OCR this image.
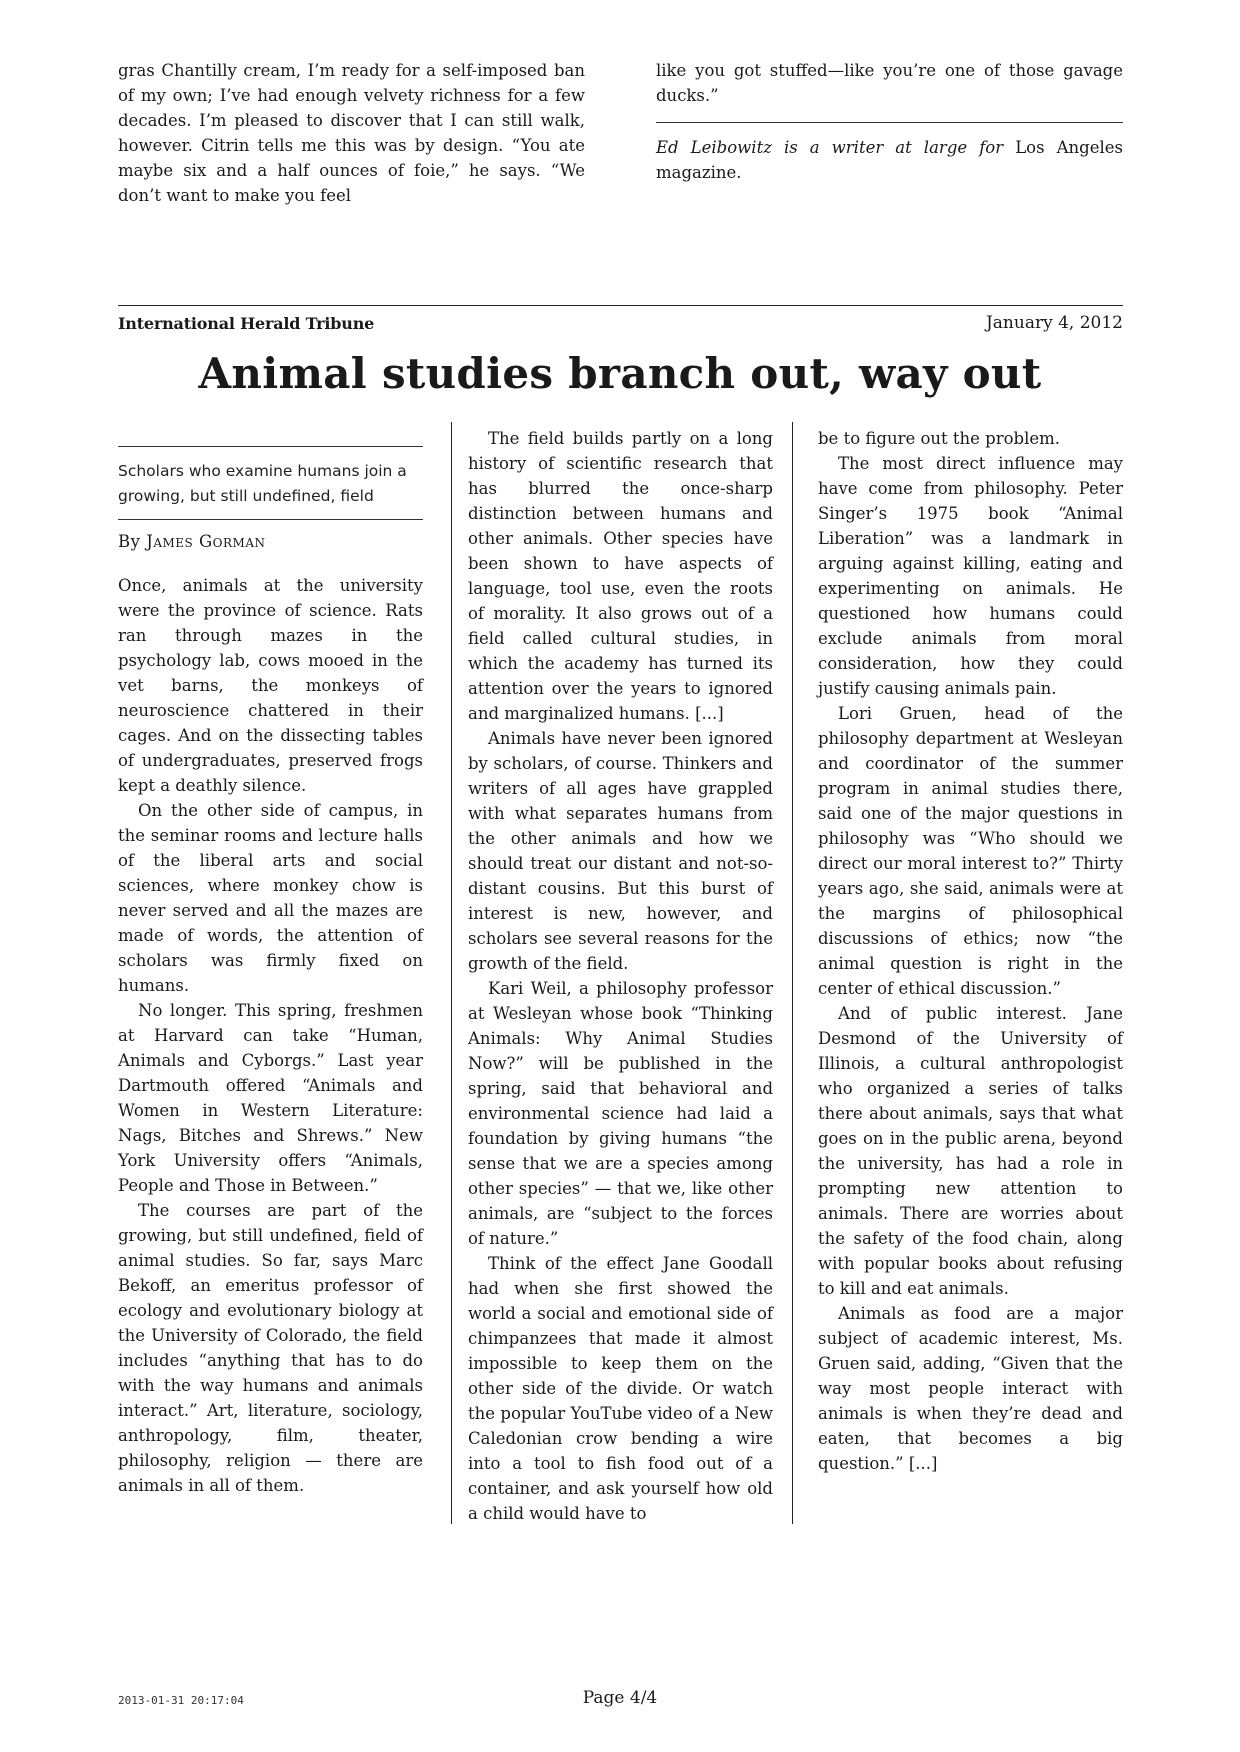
gras Chantilly cream, I’m ready for a self-imposed ban of my own; I’ve had enough velvety richness for a few decades. I’m pleased to discover that I can still walk, however. Citrin tells me this was by design. “You ate maybe six and a half ounces of foie,” he says. “We don’t want to make you feel

like you got stuffed—like you’re one of those gavage ducks.”

Ed Leibowitz is a writer at large for Los Angeles magazine.

International Herald Tribune	January 4, 2012
Animal studies branch out, way out

Scholars who examine humans join a growing, but still undefined, field

By James Gorman

Once, animals at the university were the province of science. Rats ran through mazes in the psychology lab, cows mooed in the vet barns, the monkeys of neuroscience chattered in their cages. And on the dissecting tables of undergraduates, preserved frogs kept a deathly silence.

On the other side of campus, in the seminar rooms and lecture halls of the liberal arts and social sciences, where monkey chow is never served and all the mazes are made of words, the attention of scholars was firmly fixed on humans.

No longer. This spring, freshmen at Harvard can take “Human, Animals and Cyborgs.” Last year Dartmouth offered “Animals and Women in Western Literature: Nags, Bitches and Shrews.” New York University offers “Animals, People and Those in Between.”

The courses are part of the growing, but still undefined, field of animal studies. So far, says Marc Bekoff, an emeritus professor of ecology and evolutionary biology at the University of Colorado, the field includes “anything that has to do with the way humans and animals interact.” Art, literature, sociology, anthropology, film, theater, philosophy, religion — there are animals in all of them.

The field builds partly on a long history of scientific research that has blurred the once-sharp distinction between humans and other animals. Other species have been shown to have aspects of language, tool use, even the roots of morality. It also grows out of a field called cultural studies, in which the academy has turned its attention over the years to ignored and marginalized humans. [...]

Animals have never been ignored by scholars, of course. Thinkers and writers of all ages have grappled with what separates humans from the other animals and how we should treat our distant and not-so-distant cousins. But this burst of interest is new, however, and scholars see several reasons for the growth of the field.

Kari Weil, a philosophy professor at Wesleyan whose book “Thinking Animals: Why Animal Studies Now?” will be published in the spring, said that behavioral and environmental science had laid a foundation by giving humans “the sense that we are a species among other species” — that we, like other animals, are “subject to the forces of nature.”

Think of the effect Jane Goodall had when she first showed the world a social and emotional side of chimpanzees that made it almost impossible to keep them on the other side of the divide. Or watch the popular YouTube video of a New Caledonian crow bending a wire into a tool to fish food out of a container, and ask yourself how old a child would have to

be to figure out the problem.

The most direct influence may have come from philosophy. Peter Singer’s 1975 book “Animal Liberation” was a landmark in arguing against killing, eating and experimenting on animals. He questioned how humans could exclude animals from moral consideration, how they could justify causing animals pain.

Lori Gruen, head of the philosophy department at Wesleyan and coordinator of the summer program in animal studies there, said one of the major questions in philosophy was “Who should we direct our moral interest to?” Thirty years ago, she said, animals were at the margins of philosophical discussions of ethics; now “the animal question is right in the center of ethical discussion.”

And of public interest. Jane Desmond of the University of Illinois, a cultural anthropologist who organized a series of talks there about animals, says that what goes on in the public arena, beyond the university, has had a role in prompting new attention to animals. There are worries about the safety of the food chain, along with popular books about refusing to kill and eat animals.

Animals as food are a major subject of academic interest, Ms. Gruen said, adding, “Given that the way most people interact with animals is when they’re dead and eaten, that becomes a big question.” [...]

2013-01-31 20:17:04	Page 4/4
